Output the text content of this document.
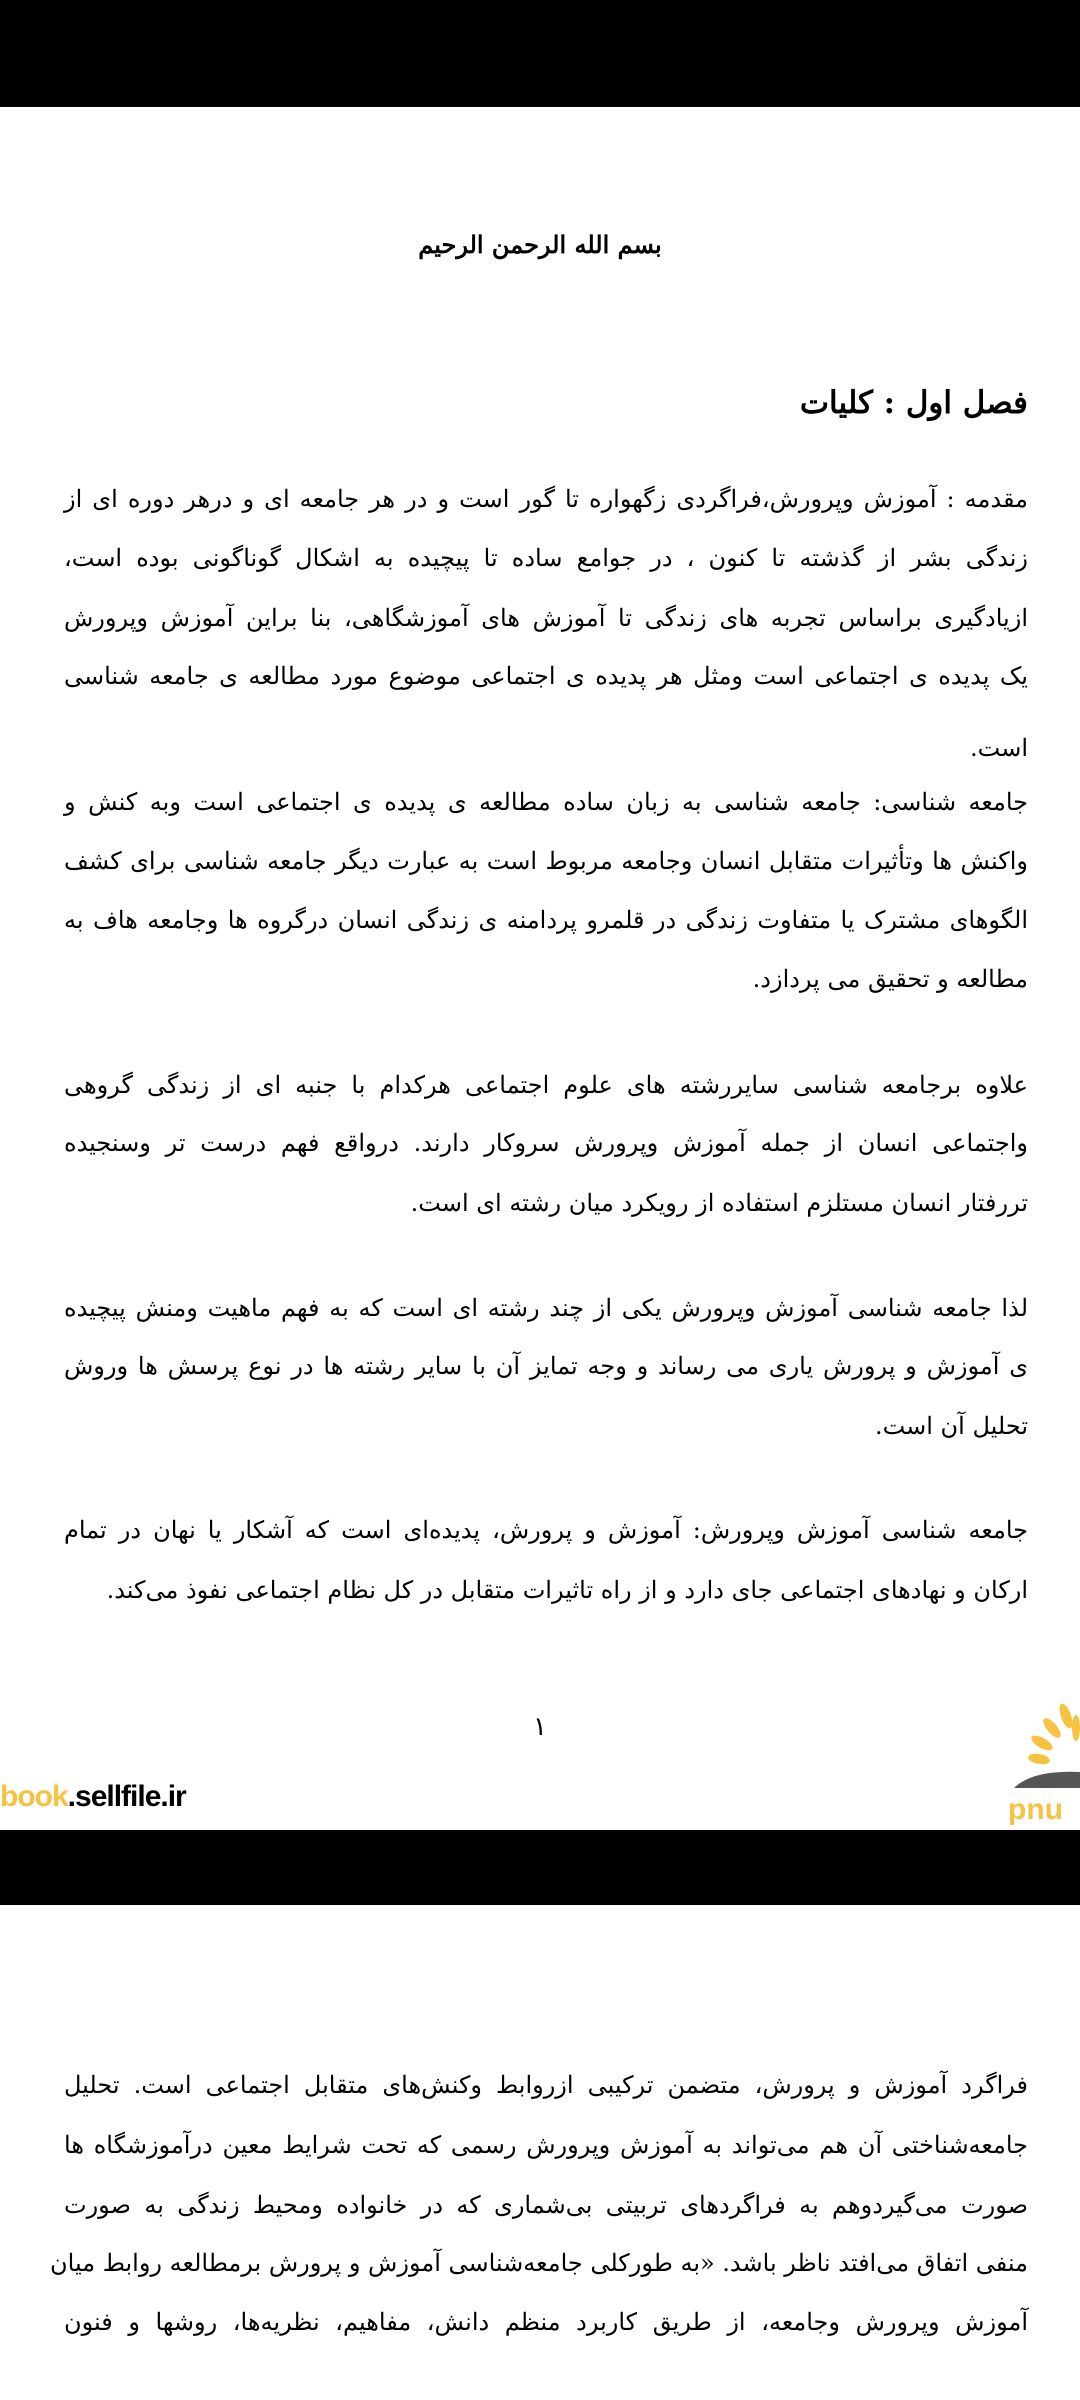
بسم الله الرحمن الرحیم
فصل اول : کلیات
مقدمه : آموزش وپرورش،فراگردی زگهواره تا گور است و در هر جامعه ای و درهر دوره ای از
زندگی بشر از گذشته تا کنون ، در جوامع ساده تا پیچیده به اشکال گوناگونی بوده است،
ازیادگیری براساس تجربه های زندگی تا آموزش های آموزشگاهی، بنا براین آموزش وپرورش
یک پدیده ی اجتماعی است ومثل هر پدیده ی اجتماعی موضوع مورد مطالعه ی جامعه شناسی
است.
جامعه شناسی: جامعه شناسی به زبان ساده مطالعه ی پدیده ی اجتماعی است وبه کنش و
واکنش ها وتأثیرات متقابل انسان وجامعه مربوط است به عبارت دیگر جامعه شناسی برای کشف
الگوهای مشترک یا متفاوت زندگی در قلمرو پردامنه ی زندگی انسان درگروه ها وجامعه هاف به
مطالعه و تحقیق می پردازد.
علاوه برجامعه شناسی سایررشته های علوم اجتماعی هرکدام با جنبه ای از زندگی گروهی
واجتماعی انسان از جمله آموزش وپرورش سروکار دارند. درواقع فهم درست تر وسنجیده
تررفتار انسان مستلزم استفاده از رویکرد میان رشته ای است.
لذا جامعه شناسی آموزش وپرورش یکی از چند رشته ای است که به فهم ماهیت ومنش پیچیده
ی آموزش و پرورش یاری می رساند و وجه تمایز آن با سایر رشته ها در نوع پرسش ها وروش
تحلیل آن است.
جامعه شناسی آموزش وپرورش: آموزش و پرورش، پدیده‌ای است که آشکار یا نهان در تمام
ارکان و نهادهای اجتماعی جای دارد و از راه تاثیرات متقابل در کل نظام اجتماعی نفوذ می‌کند.
۱
book.sellfile.ir	pnu
فراگرد آموزش و پرورش، متضمن ترکیبی ازروابط وکنش‌های متقابل اجتماعی است. تحلیل
جامعه‌شناختی آن هم می‌تواند به آموزش وپرورش رسمی که تحت شرایط معین درآموزشگاه ها
صورت می‌گیردوهم به فراگردهای تربیتی بی‌شماری که در خانواده ومحیط زندگی به صورت
منفی اتفاق می‌افتد ناظر باشد. «به طورکلی جامعه‌شناسی آموزش و پرورش برمطالعه روابط میان
آموزش وپرورش وجامعه، از طریق کاربرد منظم دانش، مفاهیم، نظریه‌ها، روشها و فنون
